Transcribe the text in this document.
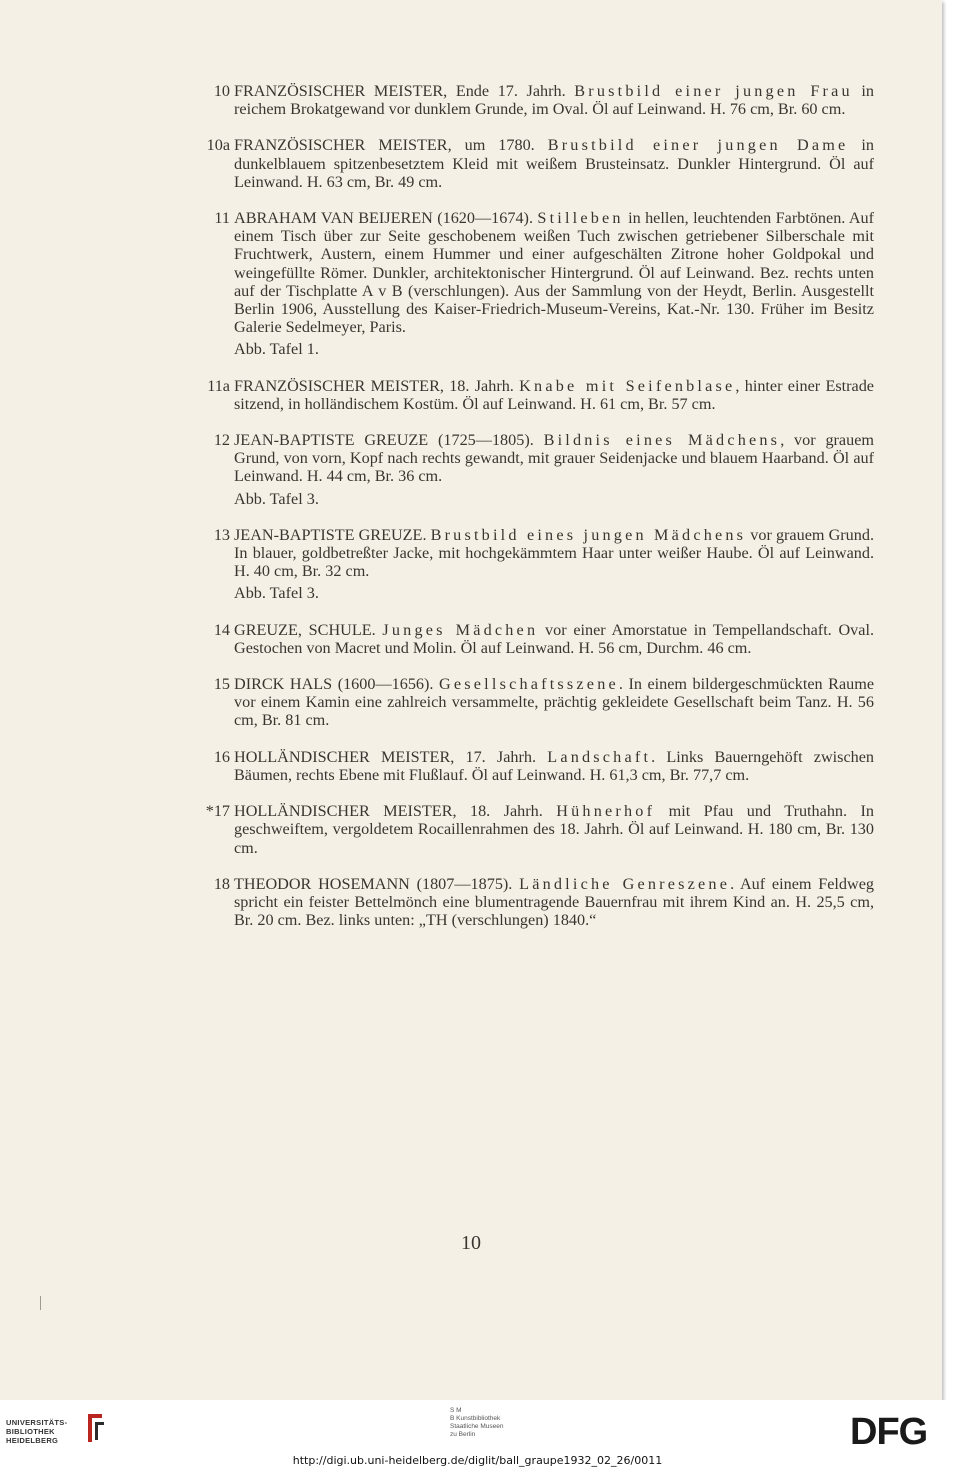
10 FRANZÖSISCHER MEISTER, Ende 17. Jahrh. Brustbild einer jungen Frau in reichem Brokatgewand vor dunklem Grunde, im Oval. Öl auf Leinwand. H. 76 cm, Br. 60 cm.
10a FRANZÖSISCHER MEISTER, um 1780. Brustbild einer jungen Dame in dunkelblauem spitzenbesetztem Kleid mit weißem Brusteinsatz. Dunkler Hintergrund. Öl auf Leinwand. H. 63 cm, Br. 49 cm.
11 ABRAHAM VAN BEIJEREN (1620—1674). Stilleben in hellen, leuchtenden Farbtönen. Auf einem Tisch über zur Seite geschobenem weißen Tuch zwischen getriebener Silberschale mit Fruchtwerk, Austern, einem Hummer und einer aufgeschälten Zitrone hoher Goldpokal und weingefüllte Römer. Dunkler, architektonischer Hintergrund. Öl auf Leinwand. Bez. rechts unten auf der Tischplatte A v B (verschlungen). Aus der Sammlung von der Heydt, Berlin. Ausgestellt Berlin 1906, Ausstellung des Kaiser-Friedrich-Museum-Vereins, Kat.-Nr. 130. Früher im Besitz Galerie Sedelmeyer, Paris.
Abb. Tafel 1.
11a FRANZÖSISCHER MEISTER, 18. Jahrh. Knabe mit Seifenblase, hinter einer Estrade sitzend, in holländischem Kostüm. Öl auf Leinwand. H. 61 cm, Br. 57 cm.
12 JEAN-BAPTISTE GREUZE (1725—1805). Bildnis eines Mädchens, vor grauem Grund, von vorn, Kopf nach rechts gewandt, mit grauer Seidenjacke und blauem Haarband. Öl auf Leinwand. H. 44 cm, Br. 36 cm.
Abb. Tafel 3.
13 JEAN-BAPTISTE GREUZE. Brustbild eines jungen Mädchens vor grauem Grund. In blauer, goldbetreßter Jacke, mit hochgekämmtem Haar unter weißer Haube. Öl auf Leinwand. H. 40 cm, Br. 32 cm.
Abb. Tafel 3.
14 GREUZE, SCHULE. Junges Mädchen vor einer Amorstatue in Tempellandschaft. Oval. Gestochen von Macret und Molin. Öl auf Leinwand. H. 56 cm, Durchm. 46 cm.
15 DIRCK HALS (1600—1656). Gesellschaftsszene. In einem bildergeschmückten Raume vor einem Kamin eine zahlreich versammelte, prächtig gekleidete Gesellschaft beim Tanz. H. 56 cm, Br. 81 cm.
16 HOLLÄNDISCHER MEISTER, 17. Jahrh. Landschaft. Links Bauerngehöft zwischen Bäumen, rechts Ebene mit Flußlauf. Öl auf Leinwand. H. 61,3 cm, Br. 77,7 cm.
*17 HOLLÄNDISCHER MEISTER, 18. Jahrh. Hühnerhof mit Pfau und Truthahn. In geschweiftem, vergoldetem Rocaillenrahmen des 18. Jahrh. Öl auf Leinwand. H. 180 cm, Br. 130 cm.
18 THEODOR HOSEMANN (1807—1875). Ländliche Genreszene. Auf einem Feldweg spricht ein feister Bettelmönch eine blumentragende Bauernfrau mit ihrem Kind an. H. 25,5 cm, Br. 20 cm. Bez. links unten: „TH (verschlungen) 1840.“
10
UNIVERSITÄTS-
BIBLIOTHEK
HEIDELBERG
S M
B Kunstbibliothek
Staatliche Museen
zu Berlin	DFG
http://digi.ub.uni-heidelberg.de/diglit/ball_graupe1932_02_26/0011
